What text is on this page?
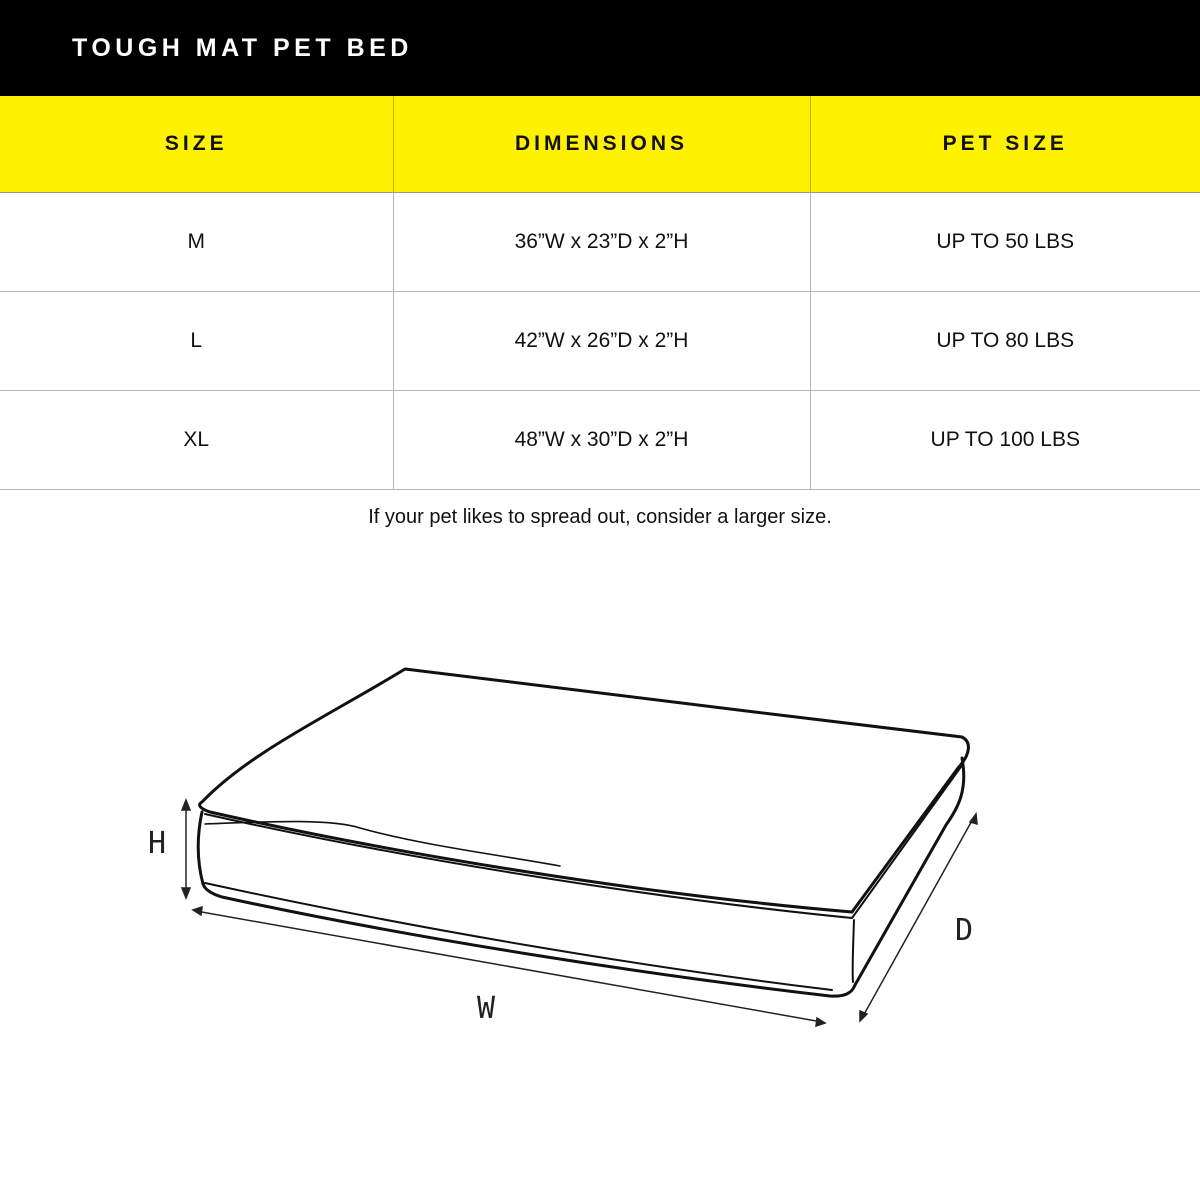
TOUGH MAT PET BED
SIZE	DIMENSIONS	PET SIZE
M	36”W x 23”D x 2”H	UP TO 50 LBS
L	42”W x 26”D x 2”H	UP TO 80 LBS
XL	48”W x 30”D x 2”H	UP TO 100 LBS
If your pet likes to spread out, consider a larger size.
H
W
D
